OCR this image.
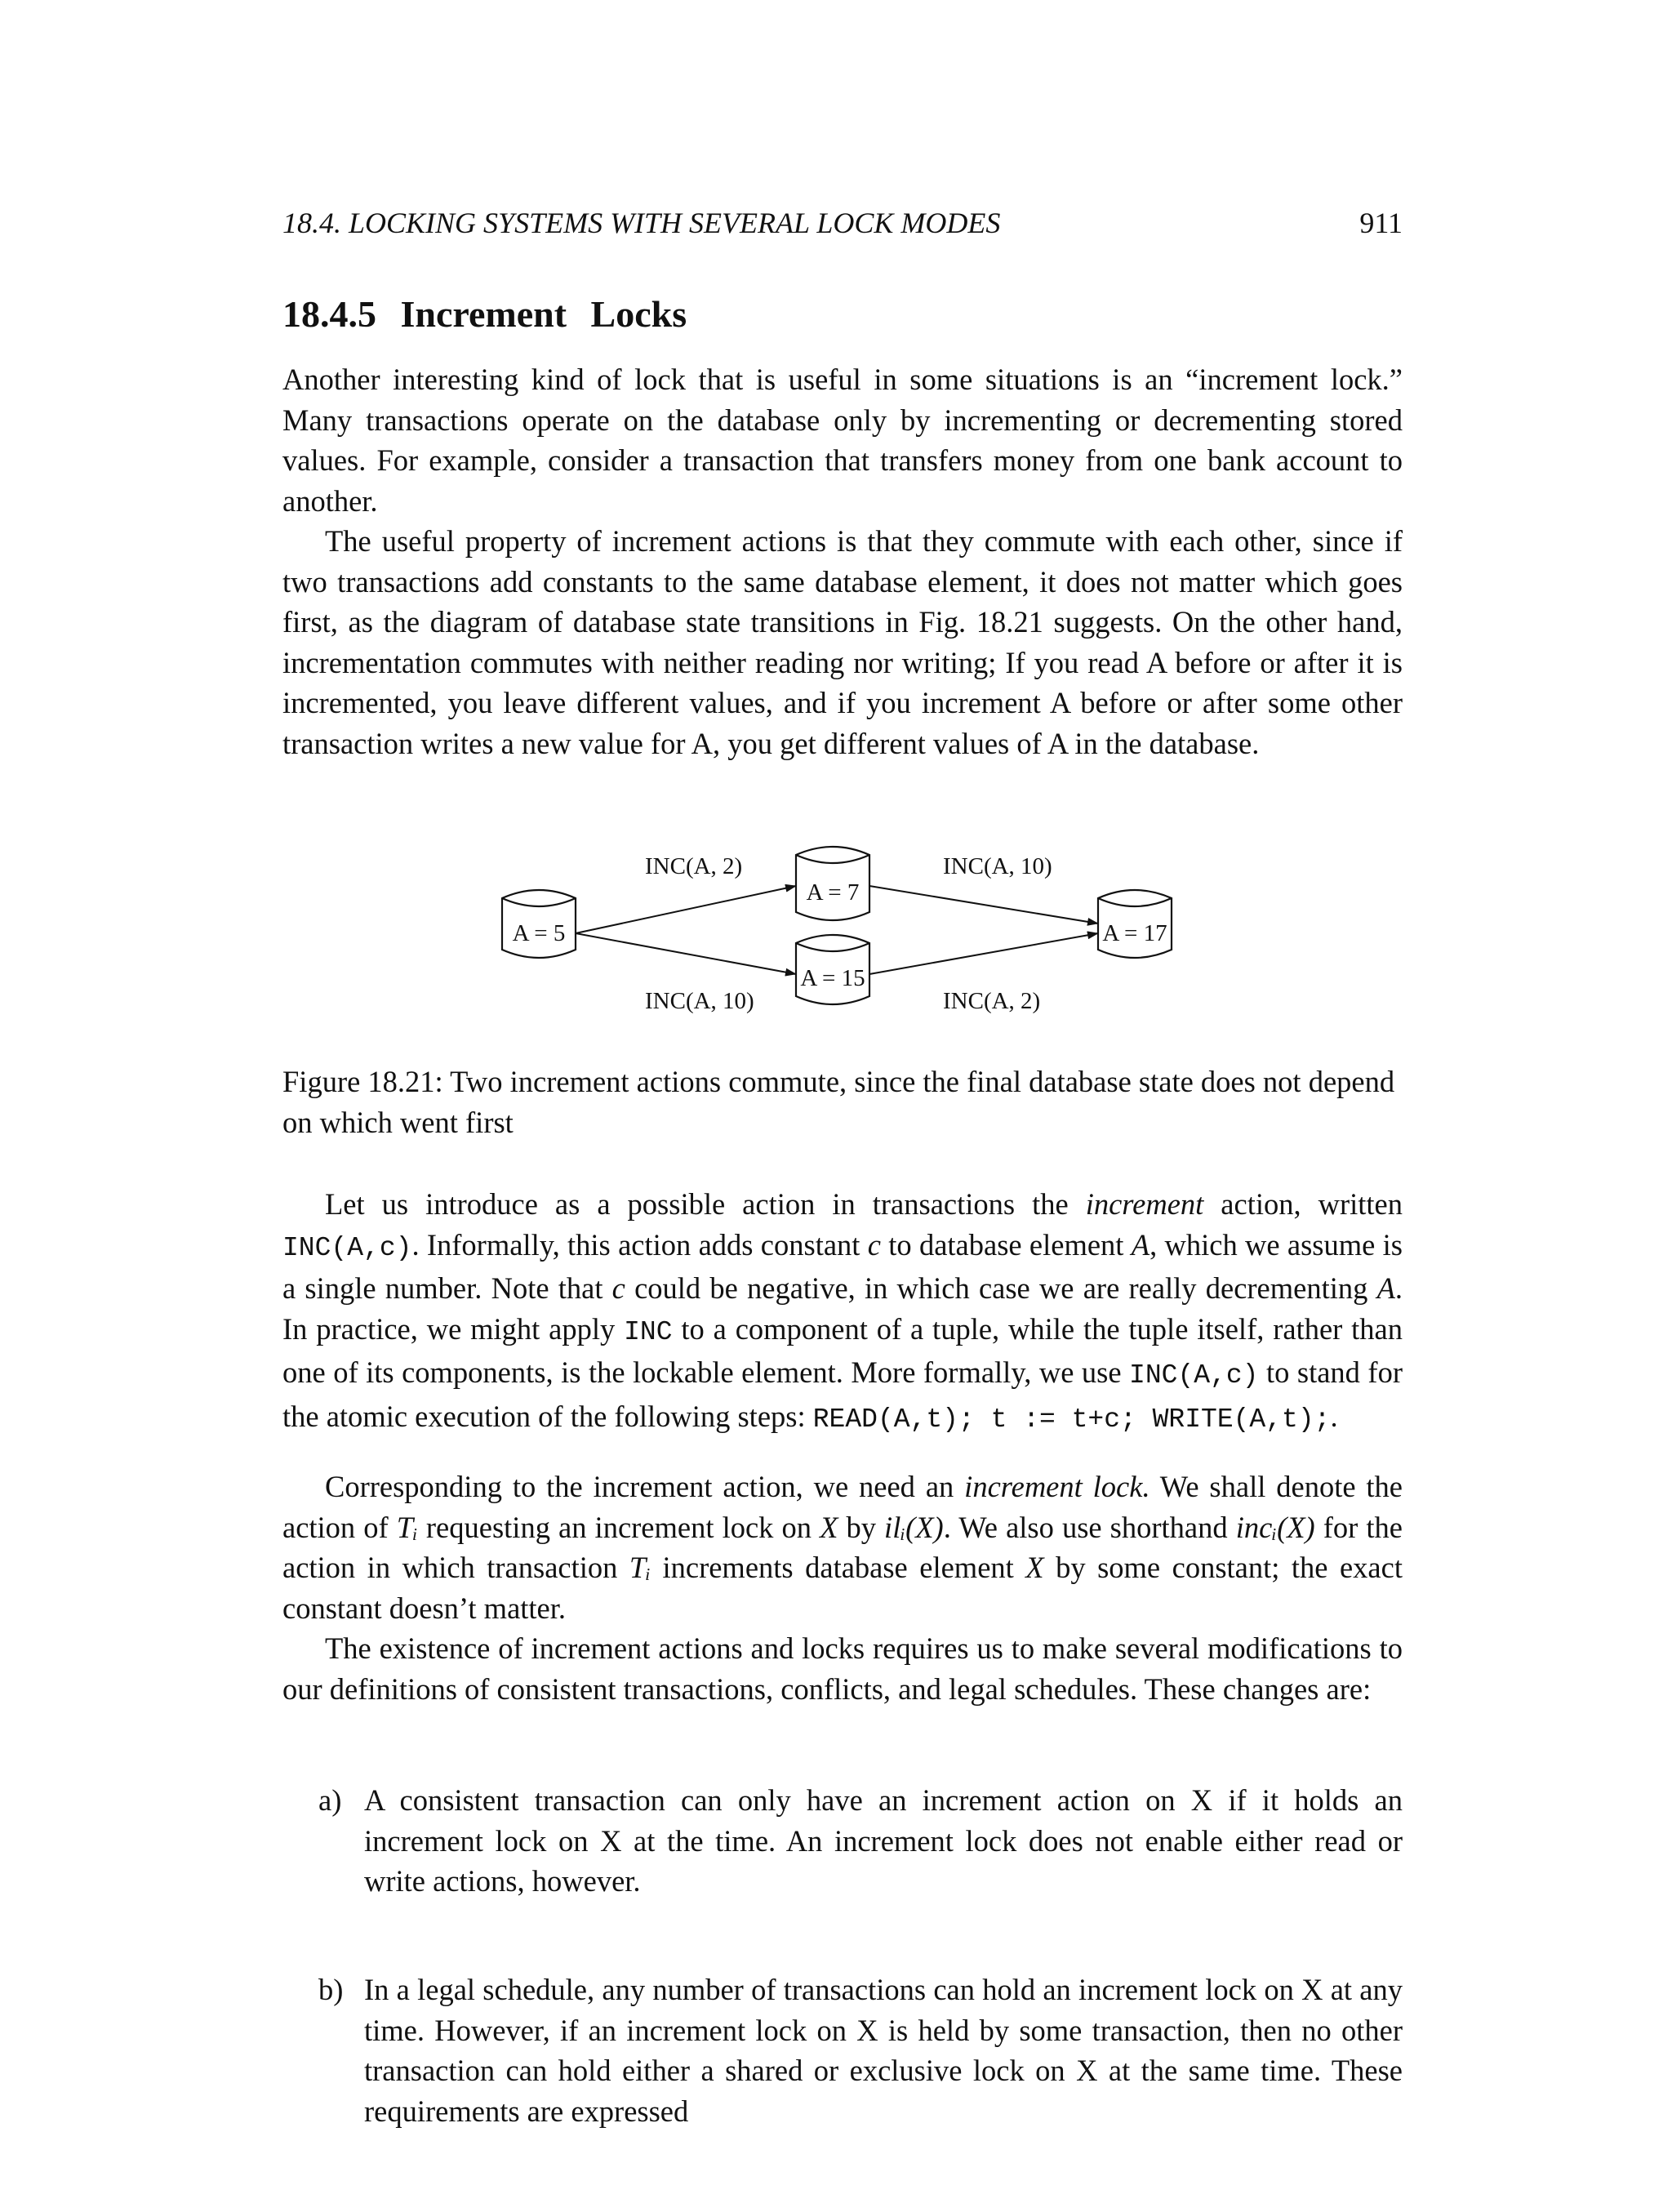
18.4. LOCKING SYSTEMS WITH SEVERAL LOCK MODES	911
18.4.5 Increment Locks

Another interesting kind of lock that is useful in some situations is an “increment lock.” Many transactions operate on the database only by incrementing or decrementing stored values. For example, consider a transaction that transfers money from one bank account to another.

The useful property of increment actions is that they commute with each other, since if two transactions add constants to the same database element, it does not matter which goes first, as the diagram of database state transitions in Fig. 18.21 suggests. On the other hand, incrementation commutes with neither reading nor writing; If you read A before or after it is incremented, you leave different values, and if you increment A before or after some other transaction writes a new value for A, you get different values of A in the database.

A = 5
A = 7
A = 15
A = 17
INC(A, 2)	INC(A, 10)
INC(A, 10)	INC(A, 2)
Figure 18.21: Two increment actions commute, since the final database state does not depend on which went first

Let us introduce as a possible action in transactions the increment action, written INC(A,c). Informally, this action adds constant c to database element A, which we assume is a single number. Note that c could be negative, in which case we are really decrementing A. In practice, we might apply INC to a component of a tuple, while the tuple itself, rather than one of its components, is the lockable element. More formally, we use INC(A,c) to stand for the atomic execution of the following steps: READ(A,t); t := t+c; WRITE(A,t);.

Corresponding to the increment action, we need an increment lock. We shall denote the action of Tᵢ requesting an increment lock on X by ilᵢ(X). We also use shorthand incᵢ(X) for the action in which transaction Tᵢ increments database element X by some constant; the exact constant doesn’t matter.

The existence of increment actions and locks requires us to make several modifications to our definitions of consistent transactions, conflicts, and legal schedules. These changes are:

a) A consistent transaction can only have an increment action on X if it holds an increment lock on X at the time. An increment lock does not enable either read or write actions, however.
b) In a legal schedule, any number of transactions can hold an increment lock on X at any time. However, if an increment lock on X is held by some transaction, then no other transaction can hold either a shared or exclusive lock on X at the same time. These requirements are expressed
